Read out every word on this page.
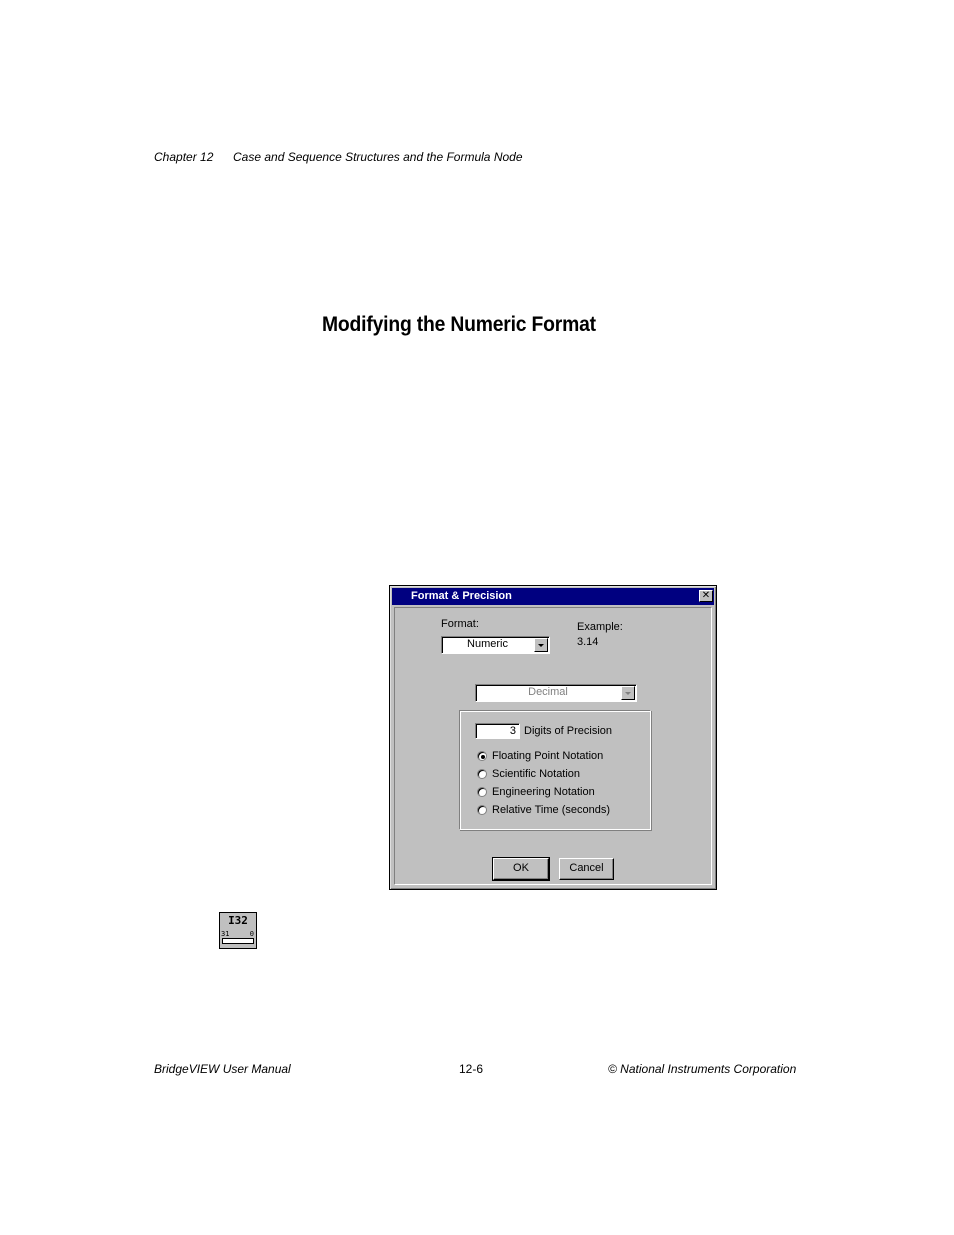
Chapter 12 Case and Sequence Structures and the Formula Node
Modifying the Numeric Format
Format & Precision	✕
Format:
Numeric
Example:
3.14
Decimal
3 Digits of Precision
Floating Point Notation
Scientific Notation
Engineering Notation
Relative Time (seconds)
OK	Cancel
I32
31	0
BridgeVIEW User Manual	12-6	© National Instruments Corporation
